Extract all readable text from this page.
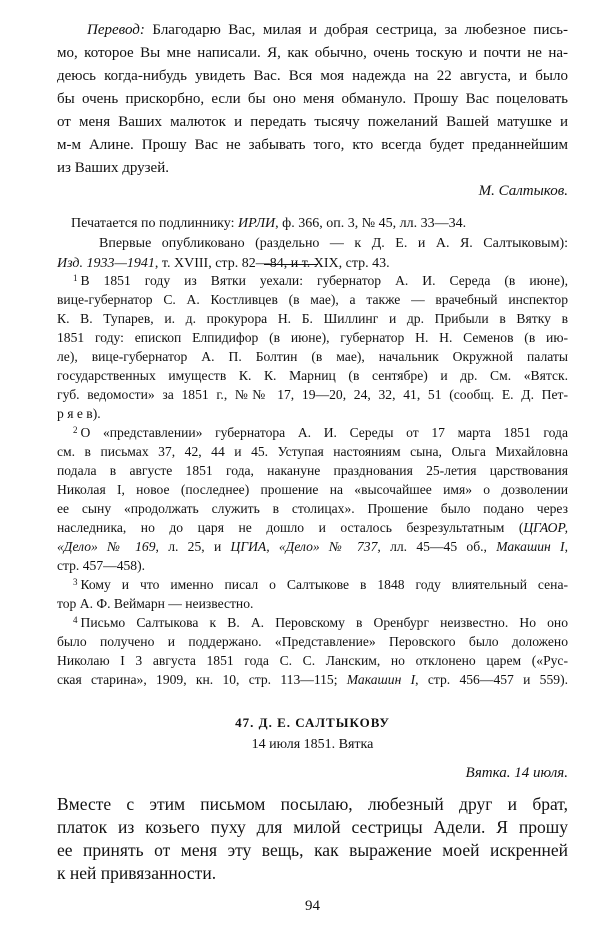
Перевод: Благодарю Вас, милая и добрая сестрица, за любезное пись-
мо, которое Вы мне написали. Я, как обычно, очень тоскую и почти не на-
деюсь когда-нибудь увидеть Вас. Вся моя надежда на 22 августа, и было
бы очень прискорбно, если бы оно меня обмануло. Прошу Вас поцеловать
от меня Ваших малюток и передать тысячу пожеланий Вашей матушке и
м-м Алине. Прошу Вас не забывать того, кто всегда будет преданнейшим
из Ваших друзей.
М. Салтыков.
Печатается по подлиннику: ИРЛИ, ф. 366, оп. 3, № 45, лл. 33—34.
Впервые опубликовано (раздельно — к Д. Е. и А. Я. Салтыковым):
Изд. 1933—1941, т. XVIII, стр. 82—84, и т. XIX, стр. 43.
$^1$ В 1851 году из Вятки уехали: губернатор А. И. Середа (в июне),
вице-губернатор С. А. Костливцев (в мае), а также — врачебный инспектор
К. В. Тупарев, и. д. прокурора Н. Б. Шиллинг и др. Прибыли в Вятку в
1851 году: епископ Елпидифор (в июне), губернатор Н. Н. Семенов (в ию-
ле), вице-губернатор А. П. Болтин (в мае), начальник Окружной палаты
государственных имуществ К. К. Марниц (в сентябре) и др. См. «Вятск.
губ. ведомости» за 1851 г., №№ 17, 19—20, 24, 32, 41, 51 (сообщ. Е. Д. Пет-
р я е в).
$^2$ О «представлении» губернатора А. И. Середы от 17 марта 1851 года
см. в письмах 37, 42, 44 и 45. Уступая настояниям сына, Ольга Михайловна
подала в августе 1851 года, накануне празднования 25-летия царствования
Николая I, новое (последнее) прошение на «высочайшее имя» о дозволении
ее сыну «продолжать служить в столицах». Прошение было подано через
наследника, но до царя не дошло и осталось безрезультатным (ЦГАОР,
«Дело» № 169, л. 25, и ЦГИА, «Дело» № 737, лл. 45—45 об., Макашин I,
стр. 457—458).
$^3$ Кому и что именно писал о Салтыкове в 1848 году влиятельный сена-
тор А. Ф. Веймарн — неизвестно.
$^4$ Письмо Салтыкова к В. А. Перовскому в Оренбург неизвестно. Но оно
было получено и поддержано. «Представление» Перовского было доложено
Николаю I 3 августа 1851 года С. С. Ланским, но отклонено царем («Рус-
ская старина», 1909, кн. 10, стр. 113—115; Макашин I, стр. 456—457 и 559).
47. Д. Е. САЛТЫКОВУ
14 июля 1851. Вятка
Вятка. 14 июля.
Вместе с этим письмом посылаю, любезный друг и брат,
платок из козьего пуху для милой сестрицы Адели. Я прошу
ее принять от меня эту вещь, как выражение моей искренней
к ней привязанности.
94
